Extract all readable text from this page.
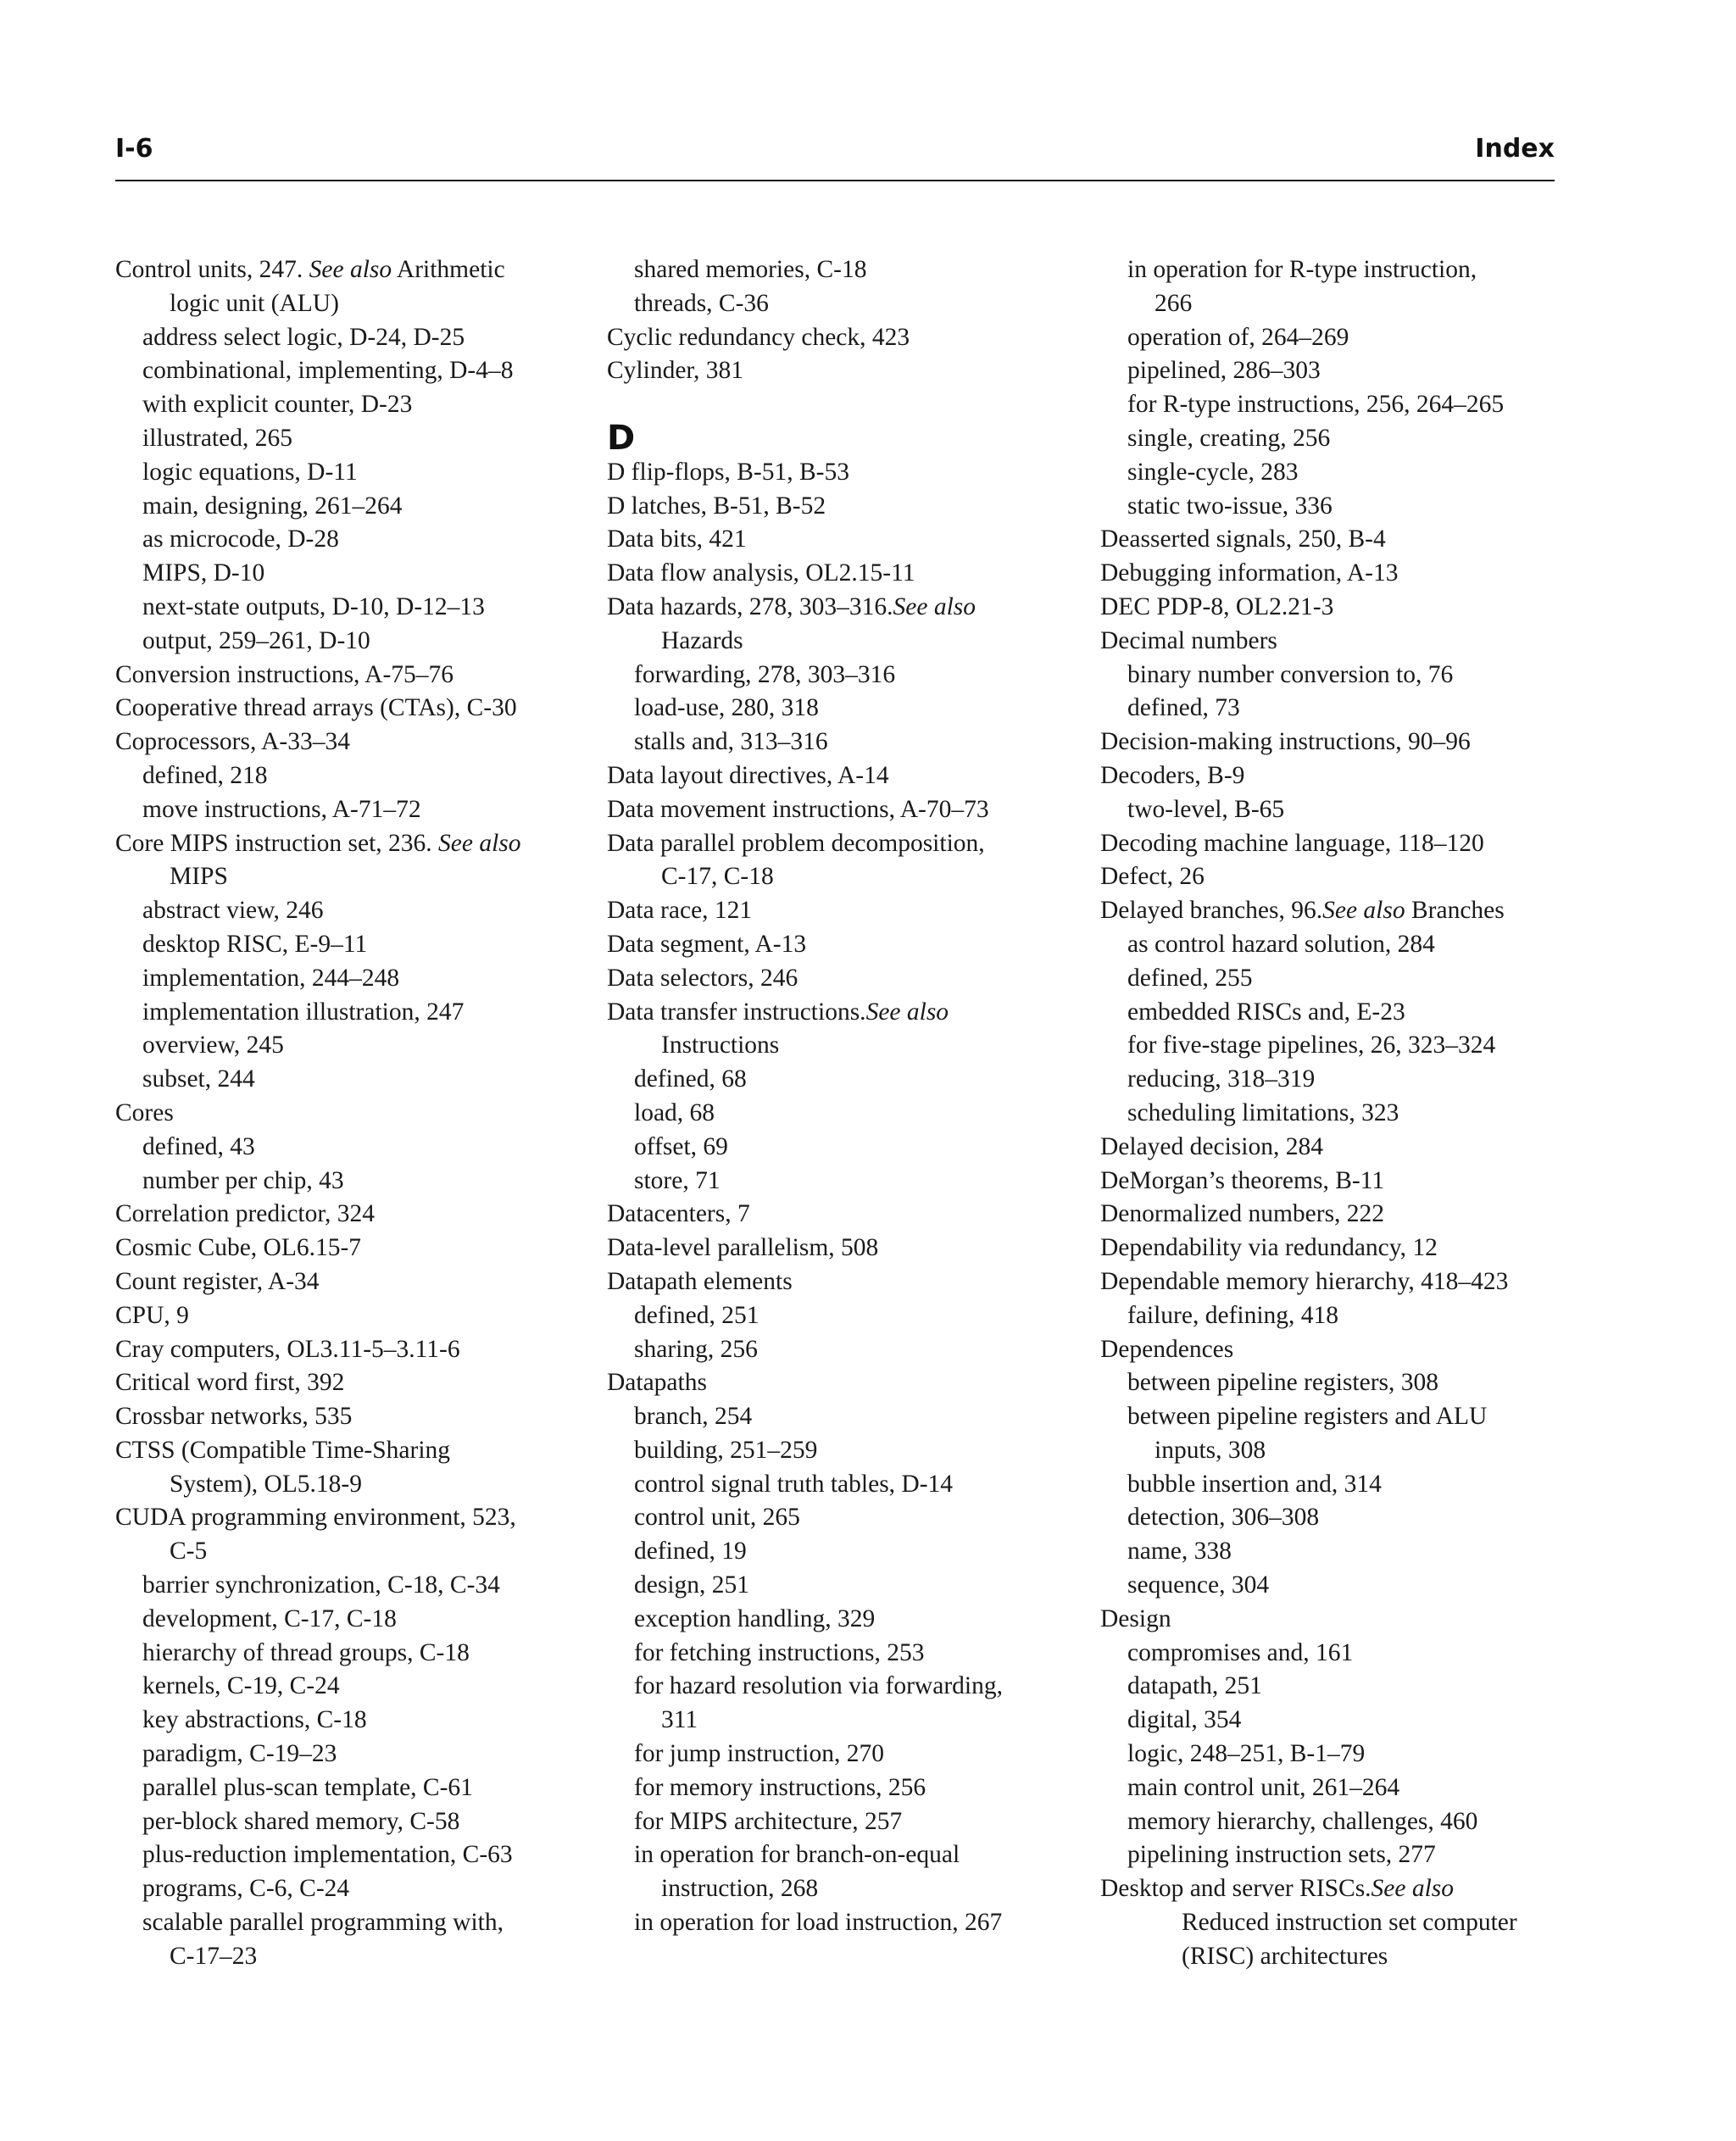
I-6	Index
Control units, 247. See also Arithmetic
logic unit (ALU)
address select logic, D-24, D-25
combinational, implementing, D-4–8
with explicit counter, D-23
illustrated, 265
logic equations, D-11
main, designing, 261–264
as microcode, D-28
MIPS, D-10
next-state outputs, D-10, D-12–13
output, 259–261, D-10
Conversion instructions, A-75–76
Cooperative thread arrays (CTAs), C-30
Coprocessors, A-33–34
defined, 218
move instructions, A-71–72
Core MIPS instruction set, 236. See also
MIPS
abstract view, 246
desktop RISC, E-9–11
implementation, 244–248
implementation illustration, 247
overview, 245
subset, 244
Cores
defined, 43
number per chip, 43
Correlation predictor, 324
Cosmic Cube, OL6.15-7
Count register, A-34
CPU, 9
Cray computers, OL3.11-5–3.11-6
Critical word first, 392
Crossbar networks, 535
CTSS (Compatible Time-Sharing
System), OL5.18-9
CUDA programming environment, 523,
C-5
barrier synchronization, C-18, C-34
development, C-17, C-18
hierarchy of thread groups, C-18
kernels, C-19, C-24
key abstractions, C-18
paradigm, C-19–23
parallel plus-scan template, C-61
per-block shared memory, C-58
plus-reduction implementation, C-63
programs, C-6, C-24
scalable parallel programming with,
C-17–23
shared memories, C-18
threads, C-36
Cyclic redundancy check, 423
Cylinder, 381
D
D flip-flops, B-51, B-53
D latches, B-51, B-52
Data bits, 421
Data flow analysis, OL2.15-11
Data hazards, 278, 303–316.See also
Hazards
forwarding, 278, 303–316
load-use, 280, 318
stalls and, 313–316
Data layout directives, A-14
Data movement instructions, A-70–73
Data parallel problem decomposition,
C-17, C-18
Data race, 121
Data segment, A-13
Data selectors, 246
Data transfer instructions.See also
Instructions
defined, 68
load, 68
offset, 69
store, 71
Datacenters, 7
Data-level parallelism, 508
Datapath elements
defined, 251
sharing, 256
Datapaths
branch, 254
building, 251–259
control signal truth tables, D-14
control unit, 265
defined, 19
design, 251
exception handling, 329
for fetching instructions, 253
for hazard resolution via forwarding,
311
for jump instruction, 270
for memory instructions, 256
for MIPS architecture, 257
in operation for branch-on-equal
instruction, 268
in operation for load instruction, 267
in operation for R-type instruction,
266
operation of, 264–269
pipelined, 286–303
for R-type instructions, 256, 264–265
single, creating, 256
single-cycle, 283
static two-issue, 336
Deasserted signals, 250, B-4
Debugging information, A-13
DEC PDP-8, OL2.21-3
Decimal numbers
binary number conversion to, 76
defined, 73
Decision-making instructions, 90–96
Decoders, B-9
two-level, B-65
Decoding machine language, 118–120
Defect, 26
Delayed branches, 96.See also Branches
as control hazard solution, 284
defined, 255
embedded RISCs and, E-23
for five-stage pipelines, 26, 323–324
reducing, 318–319
scheduling limitations, 323
Delayed decision, 284
DeMorgan’s theorems, B-11
Denormalized numbers, 222
Dependability via redundancy, 12
Dependable memory hierarchy, 418–423
failure, defining, 418
Dependences
between pipeline registers, 308
between pipeline registers and ALU
inputs, 308
bubble insertion and, 314
detection, 306–308
name, 338
sequence, 304
Design
compromises and, 161
datapath, 251
digital, 354
logic, 248–251, B-1–79
main control unit, 261–264
memory hierarchy, challenges, 460
pipelining instruction sets, 277
Desktop and server RISCs.See also
Reduced instruction set computer
(RISC) architectures
